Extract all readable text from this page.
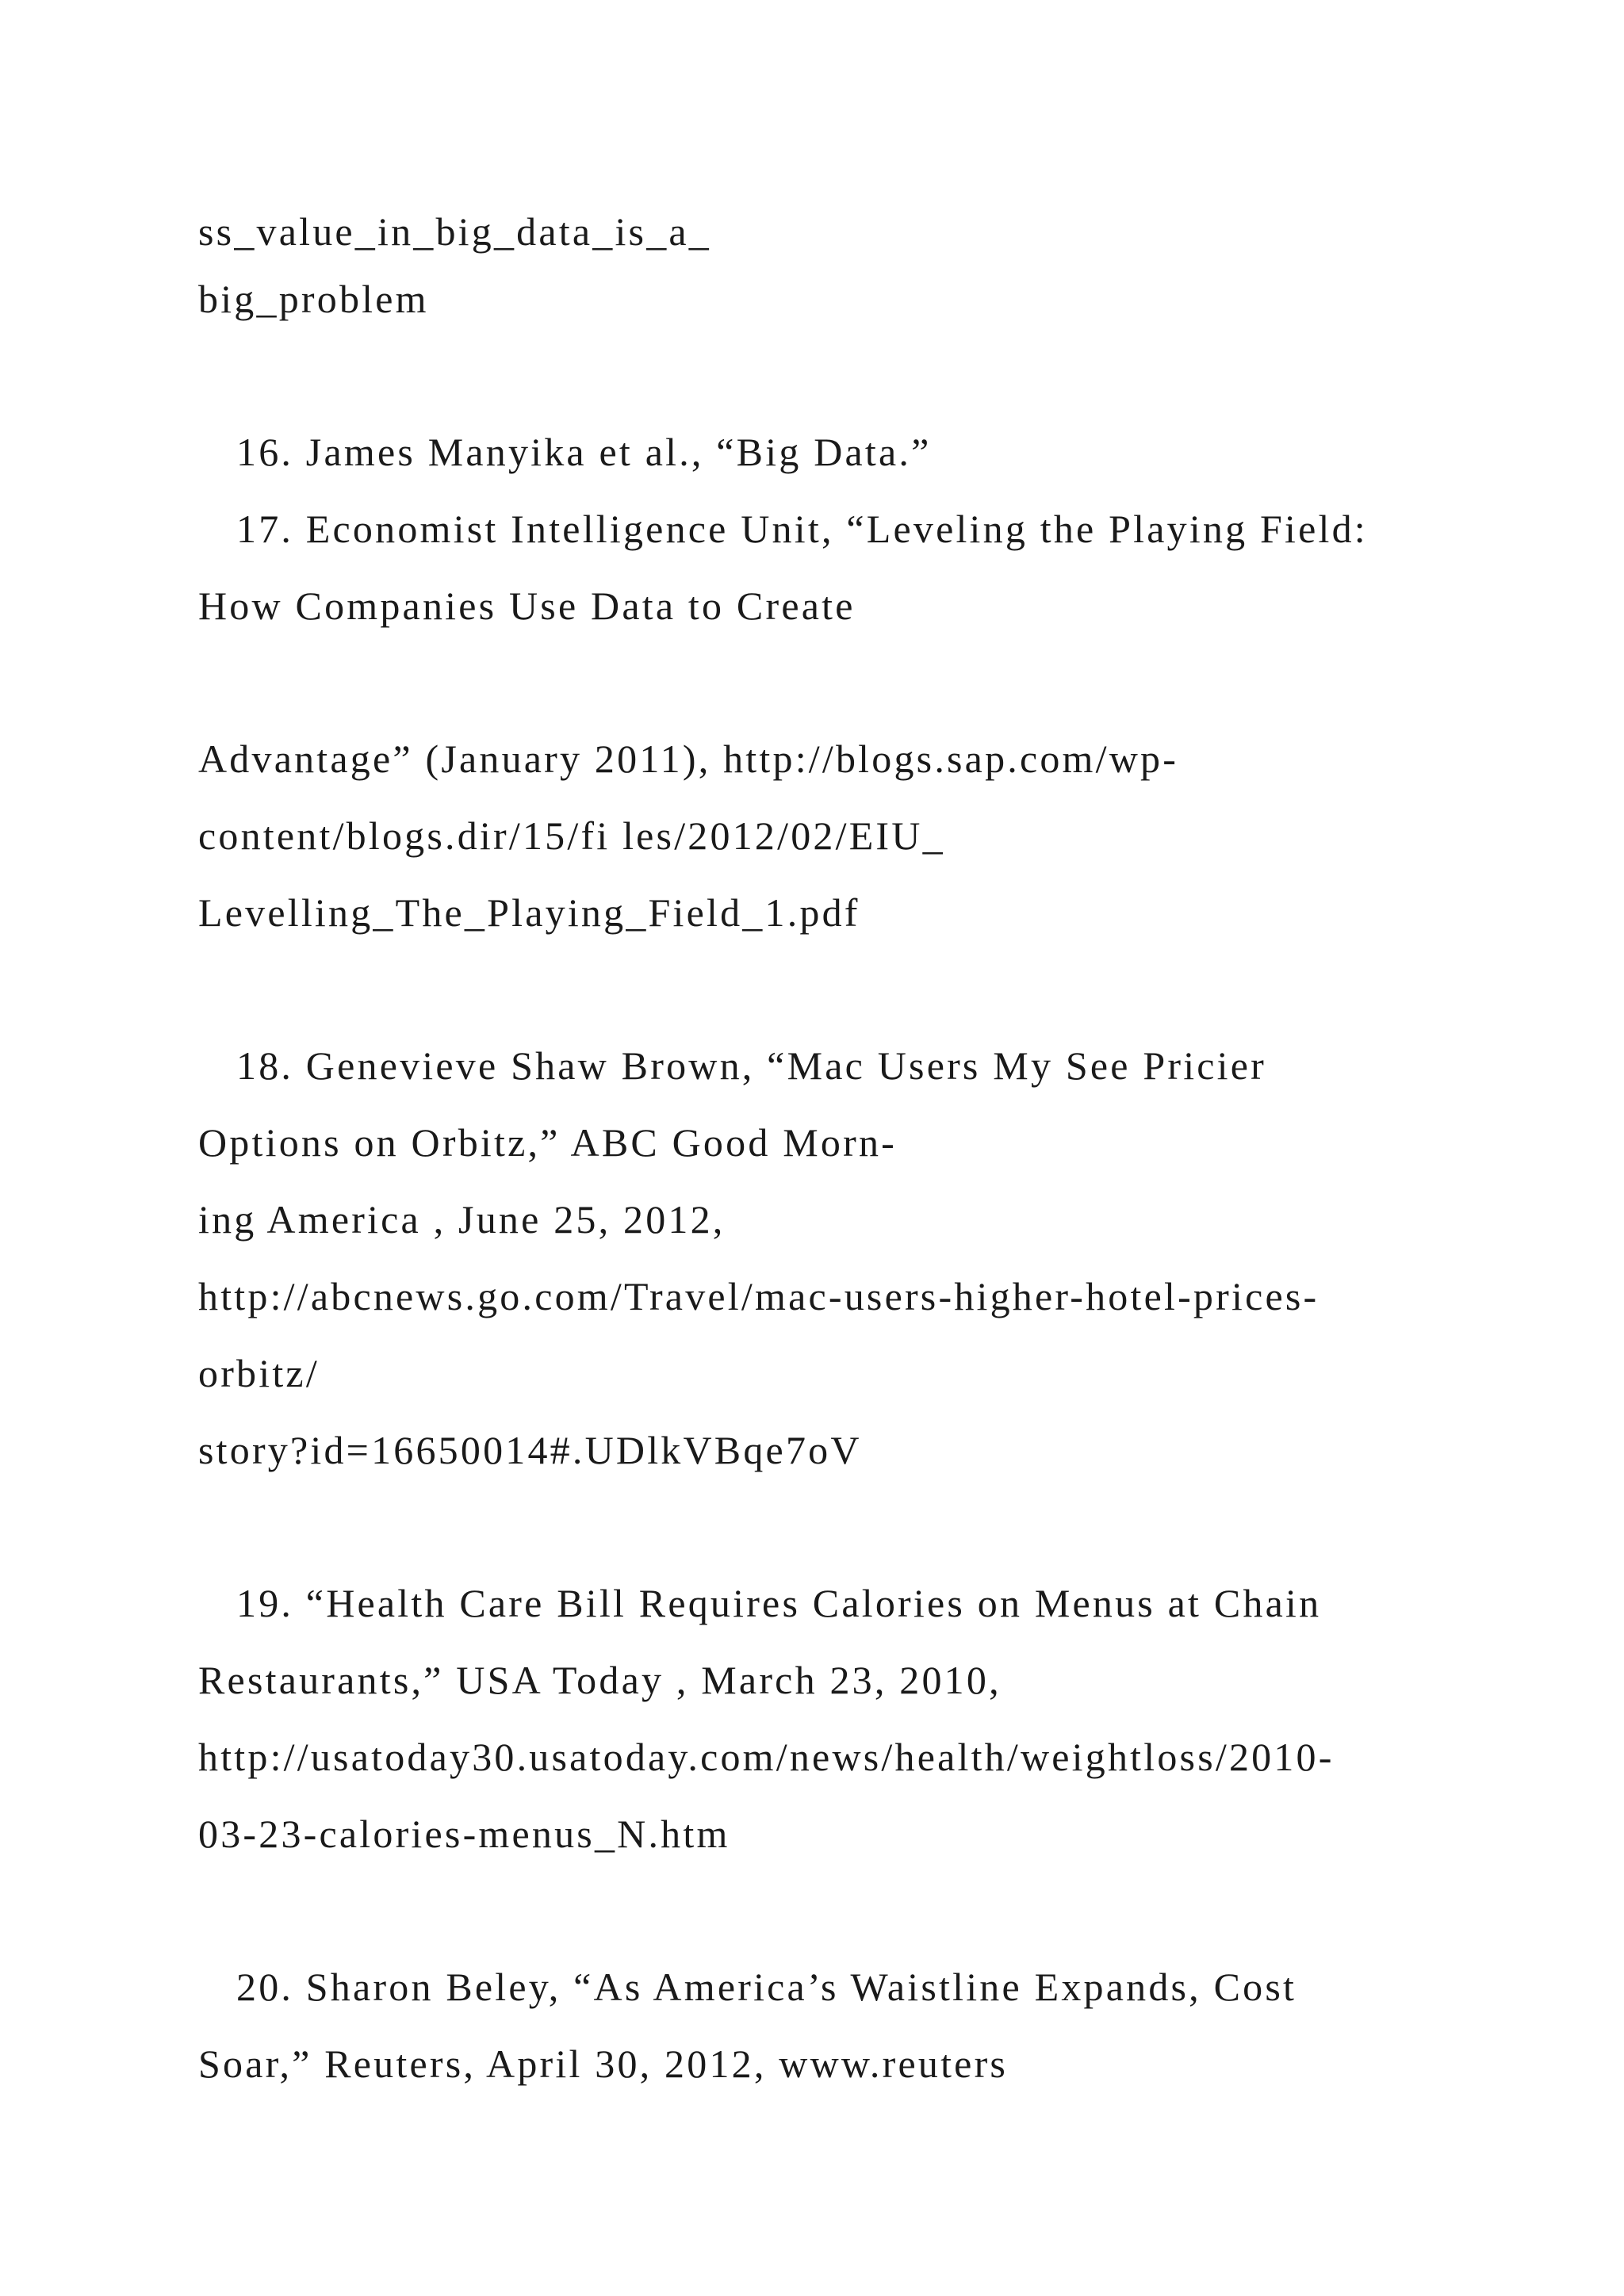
ss_value_in_big_data_is_a_
big_problem
16. James Manyika et al., “Big Data.”
17. Economist Intelligence Unit, “Leveling the Playing Field:
How Companies Use Data to Create
Advantage” (January 2011), http://blogs.sap.com/wp-
content/blogs.dir/15/fi les/2012/02/EIU_
Levelling_The_Playing_Field_1.pdf
18. Genevieve Shaw Brown, “Mac Users My See Pricier
Options on Orbitz,” ABC Good Morn-
ing America , June 25, 2012,
http://abcnews.go.com/Travel/mac-users-higher-hotel-prices-
orbitz/
story?id=16650014#.UDlkVBqe7oV
19. “Health Care Bill Requires Calories on Menus at Chain
Restaurants,” USA Today , March 23, 2010,
http://usatoday30.usatoday.com/news/health/weightloss/2010-
03-23-calories-menus_N.htm
20. Sharon Beley, “As America’s Waistline Expands, Cost
Soar,” Reuters, April 30, 2012, www.reuters
